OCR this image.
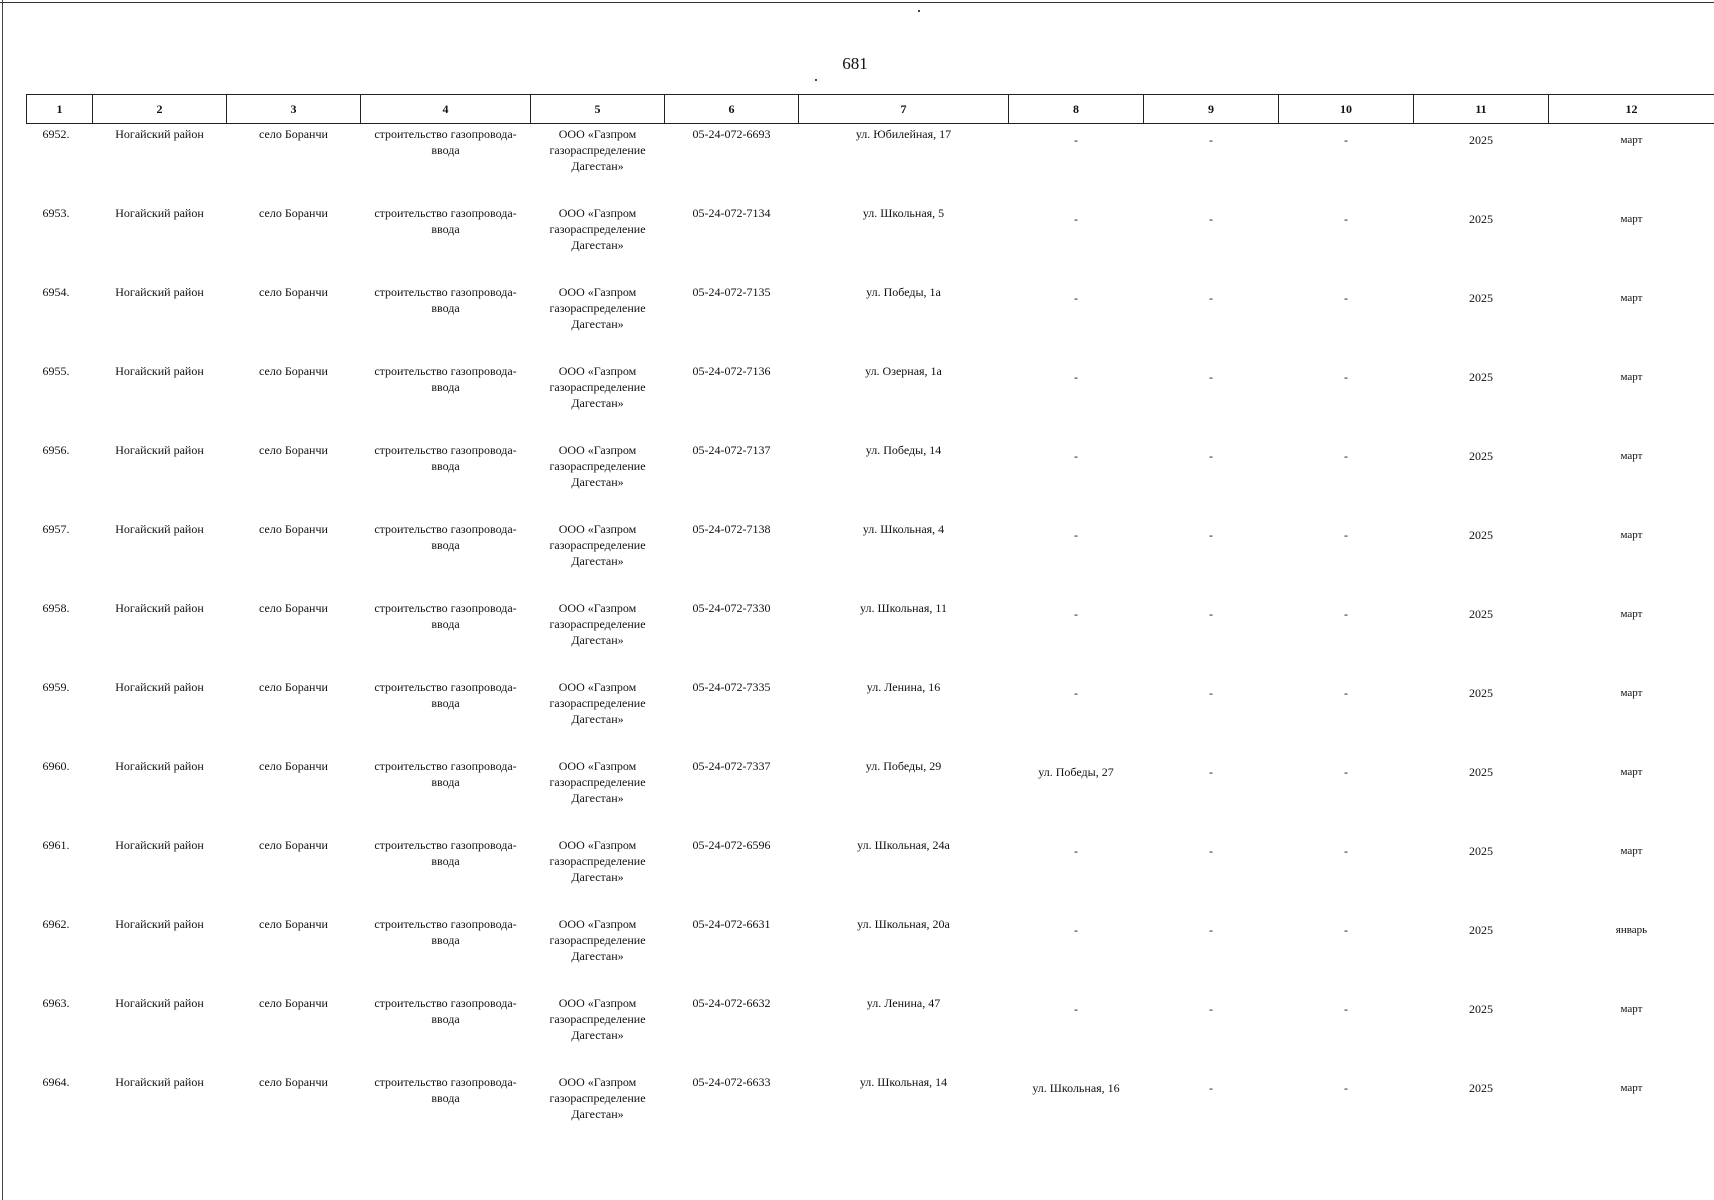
681
1	2	3	4	5	6	7	8	9	10	11	12
6952.	Ногайский район	село Боранчи	строительство газопровода-ввода	ООО «Газпром газораспределение Дагестан»	05-24-072-6693	ул. Юбилейная, 17	-	-	-	2025	март
6953.	Ногайский район	село Боранчи	строительство газопровода-ввода	ООО «Газпром газораспределение Дагестан»	05-24-072-7134	ул. Школьная, 5	-	-	-	2025	март
6954.	Ногайский район	село Боранчи	строительство газопровода-ввода	ООО «Газпром газораспределение Дагестан»	05-24-072-7135	ул. Победы, 1а	-	-	-	2025	март
6955.	Ногайский район	село Боранчи	строительство газопровода-ввода	ООО «Газпром газораспределение Дагестан»	05-24-072-7136	ул. Озерная, 1а	-	-	-	2025	март
6956.	Ногайский район	село Боранчи	строительство газопровода-ввода	ООО «Газпром газораспределение Дагестан»	05-24-072-7137	ул. Победы, 14	-	-	-	2025	март
6957.	Ногайский район	село Боранчи	строительство газопровода-ввода	ООО «Газпром газораспределение Дагестан»	05-24-072-7138	ул. Школьная, 4	-	-	-	2025	март
6958.	Ногайский район	село Боранчи	строительство газопровода-ввода	ООО «Газпром газораспределение Дагестан»	05-24-072-7330	ул. Школьная, 11	-	-	-	2025	март
6959.	Ногайский район	село Боранчи	строительство газопровода-ввода	ООО «Газпром газораспределение Дагестан»	05-24-072-7335	ул. Ленина, 16	-	-	-	2025	март
6960.	Ногайский район	село Боранчи	строительство газопровода-ввода	ООО «Газпром газораспределение Дагестан»	05-24-072-7337	ул. Победы, 29	ул. Победы, 27	-	-	2025	март
6961.	Ногайский район	село Боранчи	строительство газопровода-ввода	ООО «Газпром газораспределение Дагестан»	05-24-072-6596	ул. Школьная, 24а	-	-	-	2025	март
6962.	Ногайский район	село Боранчи	строительство газопровода-ввода	ООО «Газпром газораспределение Дагестан»	05-24-072-6631	ул. Школьная, 20а	-	-	-	2025	январь
6963.	Ногайский район	село Боранчи	строительство газопровода-ввода	ООО «Газпром газораспределение Дагестан»	05-24-072-6632	ул. Ленина, 47	-	-	-	2025	март
6964.	Ногайский район	село Боранчи	строительство газопровода-ввода	ООО «Газпром газораспределение Дагестан»	05-24-072-6633	ул. Школьная, 14	ул. Школьная, 16	-	-	2025	март
